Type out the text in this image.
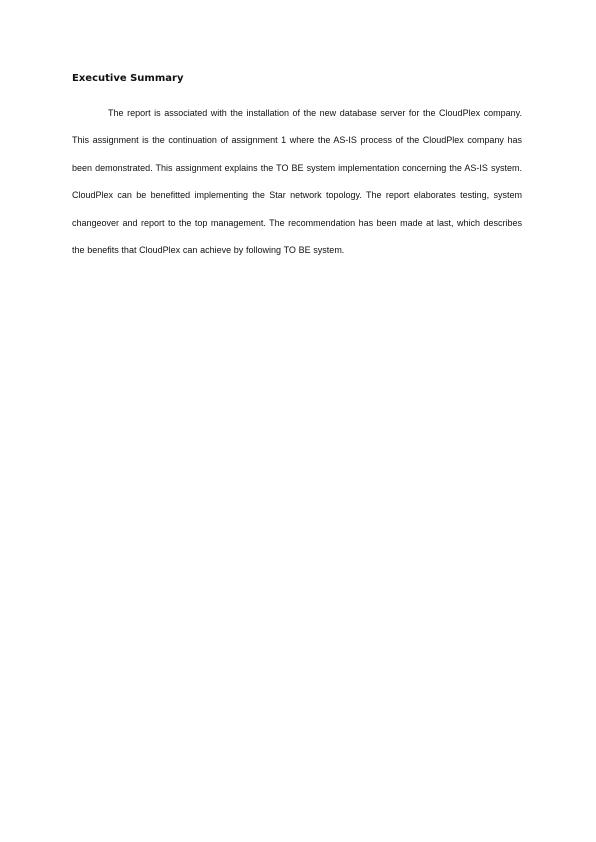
Executive Summary

The report is associated with the installation of the new database server for the CloudPlex company. This assignment is the continuation of assignment 1 where the AS-IS process of the CloudPlex company has been demonstrated. This assignment explains the TO BE system implementation concerning the AS-IS system. CloudPlex can be benefitted implementing the Star network topology. The report elaborates testing, system changeover and report to the top management. The recommendation has been made at last, which describes the benefits that CloudPlex can achieve by following TO BE system.
